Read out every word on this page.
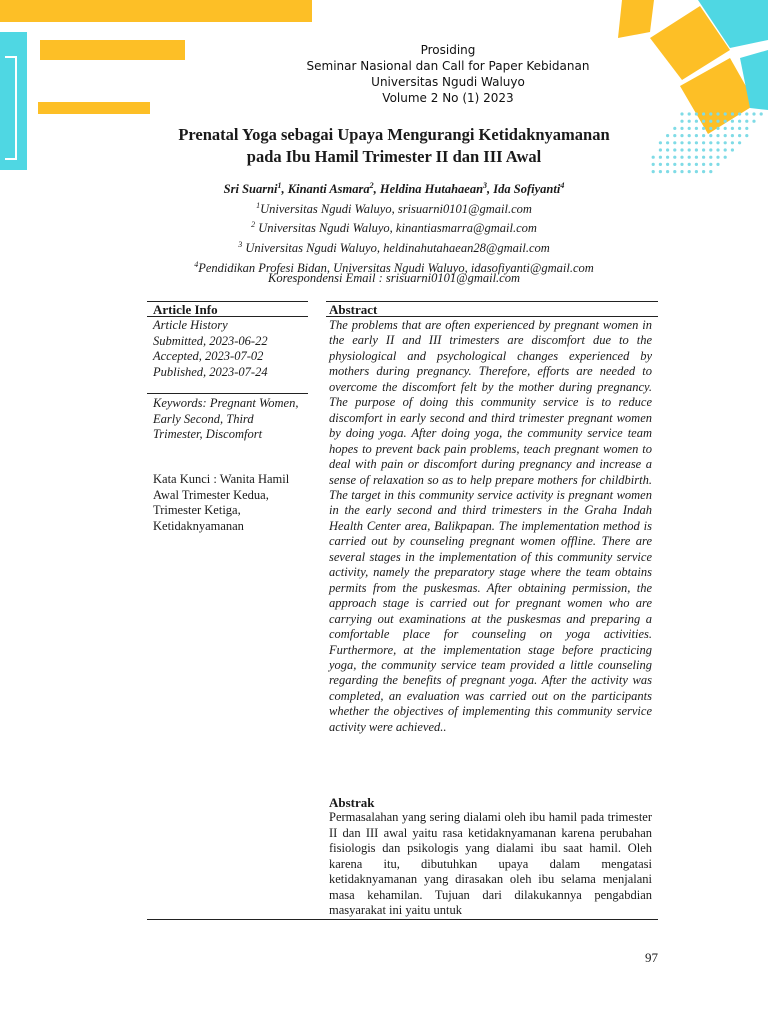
Prosiding
Seminar Nasional dan Call for Paper Kebidanan
Universitas Ngudi Waluyo
Volume 2 No (1) 2023
Prenatal Yoga sebagai Upaya Mengurangi Ketidaknyamanan
pada Ibu Hamil Trimester II dan III Awal
Sri Suarni$^1$, Kinanti Asmara$^2$, Heldina Hutahaean$^3$, Ida Sofiyanti$^4$
$^1$Universitas Ngudi Waluyo, srisuarni0101@gmail.com
$^2$ Universitas Ngudi Waluyo, kinantiasmarra@gmail.com
$^3$ Universitas Ngudi Waluyo, heldinahutahaean28@gmail.com
$^4$Pendidikan Profesi Bidan, Universitas Ngudi Waluyo, idasofiyanti@gmail.com
Korespondensi Email : srisuarni0101@gmail.com
Article Info	Abstract
Article History
Submitted, 2023-06-22
Accepted, 2023-07-02
Published, 2023-07-24
Keywords: Pregnant Women, Early Second, Third Trimester, Discomfort
Kata Kunci : Wanita Hamil Awal Trimester Kedua, Trimester Ketiga, Ketidaknyamanan

The problems that are often experienced by pregnant women in the early II and III trimesters are discomfort due to the physiological and psychological changes experienced by mothers during pregnancy. Therefore, efforts are needed to overcome the discomfort felt by the mother during pregnancy. The purpose of doing this community service is to reduce discomfort in early second and third trimester pregnant women by doing yoga. After doing yoga, the community service team hopes to prevent back pain problems, teach pregnant women to deal with pain or discomfort during pregnancy and increase a sense of relaxation so as to help prepare mothers for childbirth. The target in this community service activity is pregnant women in the early second and third trimesters in the Graha Indah Health Center area, Balikpapan. The implementation method is carried out by counseling pregnant women offline. There are several stages in the implementation of this community service activity, namely the preparatory stage where the team obtains permits from the puskesmas. After obtaining permission, the approach stage is carried out for pregnant women who are carrying out examinations at the puskesmas and preparing a comfortable place for counseling on yoga activities. Furthermore, at the implementation stage before practicing yoga, the community service team provided a little counseling regarding the benefits of pregnant yoga. After the activity was completed, an evaluation was carried out on the participants whether the objectives of implementing this community service activity were achieved..

Abstrak

Permasalahan yang sering dialami oleh ibu hamil pada trimester II dan III awal yaitu rasa ketidaknyamanan karena perubahan fisiologis dan psikologis yang dialami ibu saat hamil. Oleh karena itu, dibutuhkan upaya dalam mengatasi ketidaknyamanan yang dirasakan oleh ibu selama menjalani masa kehamilan. Tujuan dari dilakukannya pengabdian masyarakat ini yaitu untuk

97
